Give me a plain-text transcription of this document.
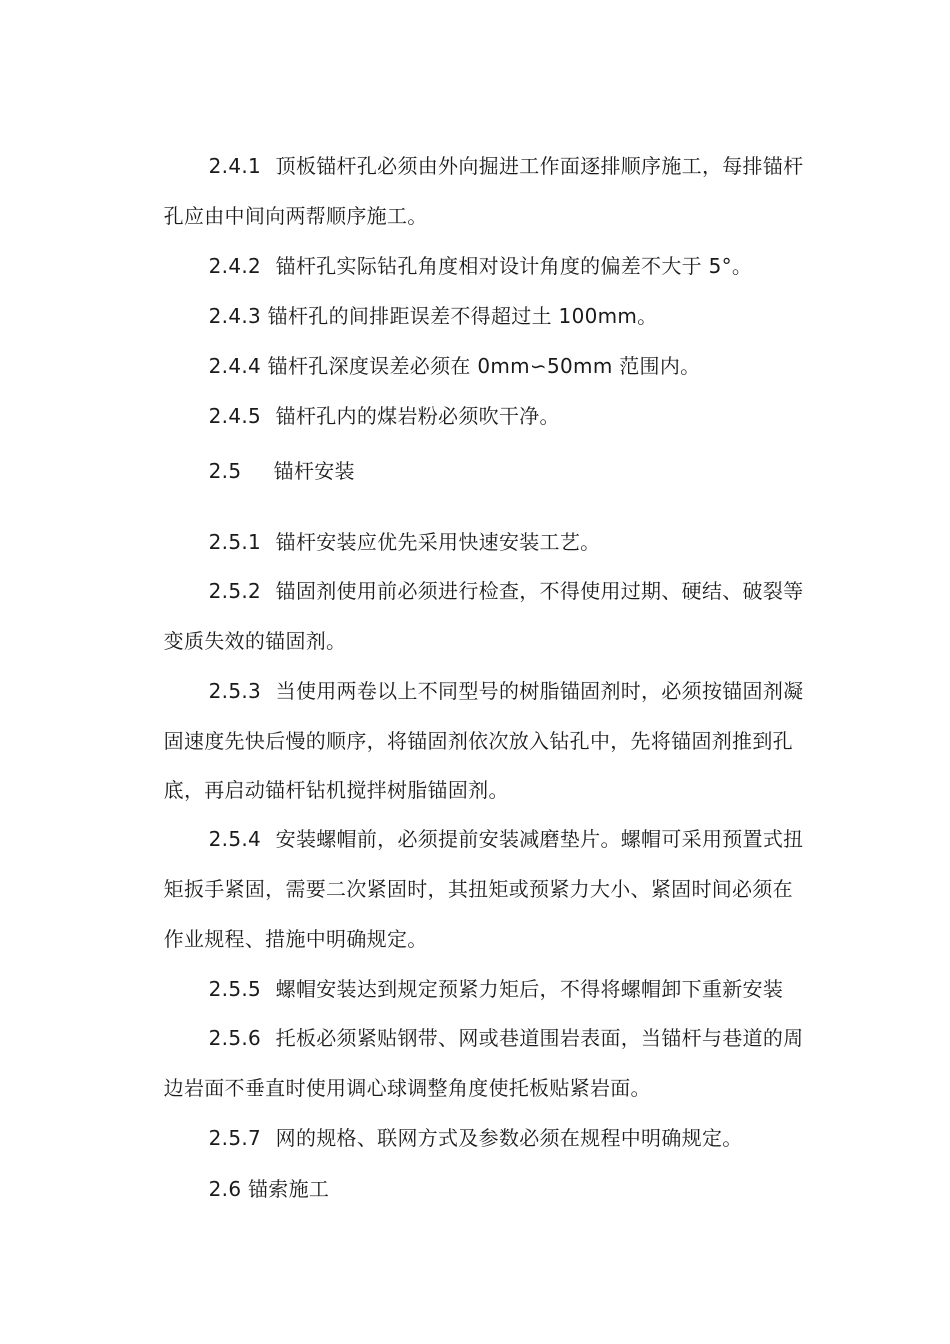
2.4.1 顶板锚杆孔必须由外向掘进工作面逐排顺序施工，每排锚杆

孔应由中间向两帮顺序施工。

2.4.2 锚杆孔实际钻孔角度相对设计角度的偏差不大于 5°。

2.4.3 锚杆孔的间排距误差不得超过土 100mm。

2.4.4 锚杆孔深度误差必须在 0mm∽50mm 范围内。

2.4.5 锚杆孔内的煤岩粉必须吹干净。

2.5 锚杆安装

2.5.1 锚杆安装应优先采用快速安装工艺。

2.5.2 锚固剂使用前必须进行检查，不得使用过期、硬结、破裂等

变质失效的锚固剂。

2.5.3 当使用两卷以上不同型号的树脂锚固剂时，必须按锚固剂凝

固速度先快后慢的顺序，将锚固剂依次放入钻孔中，先将锚固剂推到孔

底，再启动锚杆钻机搅拌树脂锚固剂。

2.5.4 安装螺帽前，必须提前安装减磨垫片。螺帽可采用预置式扭

矩扳手紧固，需要二次紧固时，其扭矩或预紧力大小、紧固时间必须在

作业规程、措施中明确规定。

2.5.5 螺帽安装达到规定预紧力矩后，不得将螺帽卸下重新安装

2.5.6 托板必须紧贴钢带、网或巷道围岩表面，当锚杆与巷道的周

边岩面不垂直时使用调心球调整角度使托板贴紧岩面。

2.5.7 网的规格、联网方式及参数必须在规程中明确规定。

2.6 锚索施工
